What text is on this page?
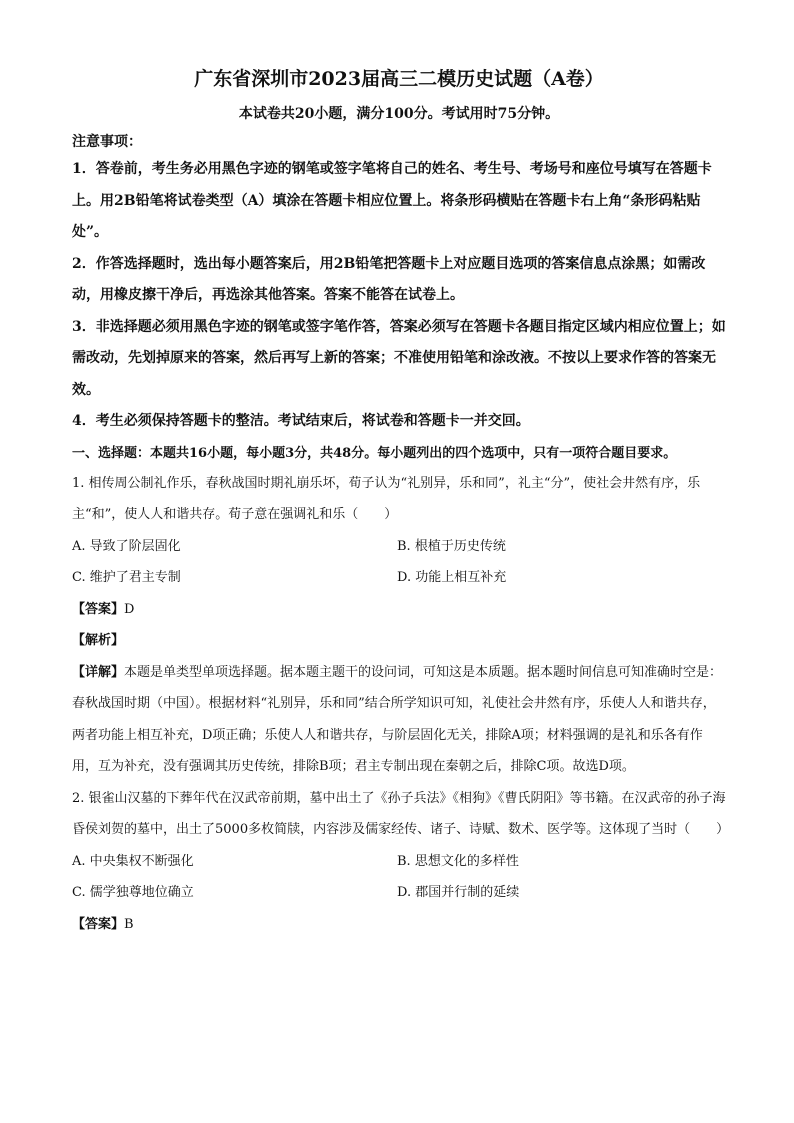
广东省深圳市2023届高三二模历史试题（A卷）
本试卷共20小题，满分100分。考试用时75分钟。
注意事项：

1．答卷前，考生务必用黑色字迹的钢笔或签字笔将自己的姓名、考生号、考场号和座位号填写在答题卡上。用2B铅笔将试卷类型（A）填涂在答题卡相应位置上。将条形码横贴在答题卡右上角“条形码粘贴处”。

2．作答选择题时，选出每小题答案后，用2B铅笔把答题卡上对应题目选项的答案信息点涂黑；如需改动，用橡皮擦干净后，再选涂其他答案。答案不能答在试卷上。

3．非选择题必须用黑色字迹的钢笔或签字笔作答，答案必须写在答题卡各题目指定区域内相应位置上；如需改动，先划掉原来的答案，然后再写上新的答案；不准使用铅笔和涂改液。不按以上要求作答的答案无效。

4．考生必须保持答题卡的整洁。考试结束后，将试卷和答题卡一并交回。

一、选择题：本题共16小题，每小题3分，共48分。每小题列出的四个选项中，只有一项符合题目要求。

1. 相传周公制礼作乐，春秋战国时期礼崩乐坏，荀子认为“礼别异，乐和同”，礼主“分”，使社会井然有序，乐主“和”，使人人和谐共存。荀子意在强调礼和乐（　　）

A. 导致了阶层固化	B. 根植于历史传统
C. 维护了君主专制	D. 功能上相互补充
【答案】D
【解析】

【详解】本题是单类型单项选择题。据本题主题干的设问词，可知这是本质题。据本题时间信息可知准确时空是：春秋战国时期（中国）。根据材料“礼别异，乐和同”结合所学知识可知，礼使社会井然有序，乐使人人和谐共存，两者功能上相互补充，D项正确；乐使人人和谐共存，与阶层固化无关，排除A项；材料强调的是礼和乐各有作用，互为补充，没有强调其历史传统，排除B项；君主专制出现在秦朝之后，排除C项。故选D项。

2. 银雀山汉墓的下葬年代在汉武帝前期，墓中出土了《孙子兵法》《相狗》《曹氏阴阳》等书籍。在汉武帝的孙子海昏侯刘贺的墓中，出土了5000多枚简牍，内容涉及儒家经传、诸子、诗赋、数术、医学等。这体现了当时（　　）

A. 中央集权不断强化	B. 思想文化的多样性
C. 儒学独尊地位确立	D. 郡国并行制的延续
【答案】B
